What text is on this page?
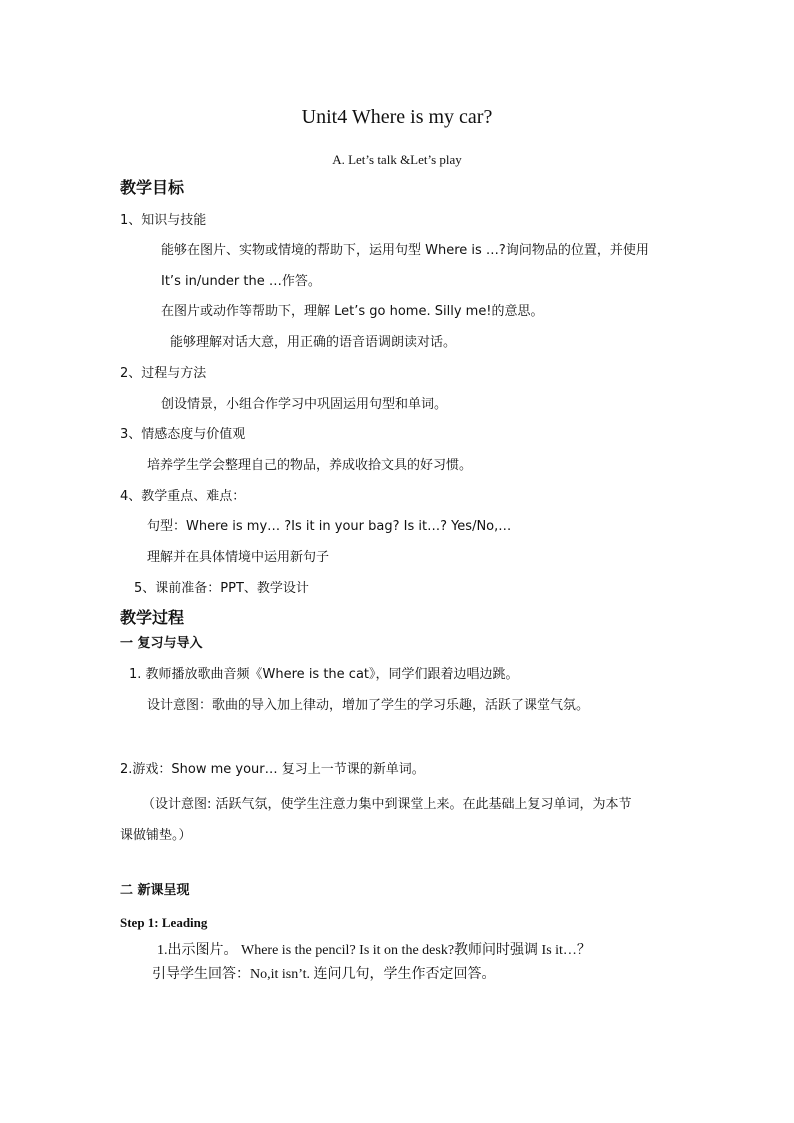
Unit4 Where is my car?
A. Let’s talk &Let’s play
教学目标
1、知识与技能
能够在图片、实物或情境的帮助下，运用句型 Where is …?询问物品的位置，并使用
It’s in/under the …作答。
在图片或动作等帮助下，理解 Let’s go home. Silly me!的意思。
能够理解对话大意，用正确的语音语调朗读对话。
2、过程与方法
创设情景，小组合作学习中巩固运用句型和单词。
3、情感态度与价值观
培养学生学会整理自己的物品，养成收拾文具的好习惯。
4、教学重点、难点：
句型：Where is my… ?Is it in your bag? Is it…? Yes/No,…
理解并在具体情境中运用新句子
5、课前准备：PPT、教学设计
教学过程
一 复习与导入
1. 教师播放歌曲音频《Where is the cat》，同学们跟着边唱边跳。
设计意图：歌曲的导入加上律动，增加了学生的学习乐趣，活跃了课堂气氛。
2.游戏：Show me your… 复习上一节课的新单词。
（设计意图: 活跃气氛，使学生注意力集中到课堂上来。在此基础上复习单词，为本节
课做铺垫。）
二 新课呈现
Step 1: Leading
1.出示图片。 Where is the pencil? Is it on the desk?教师问时强调 Is it…？
引导学生回答：No,it isn’t. 连问几句，学生作否定回答。
